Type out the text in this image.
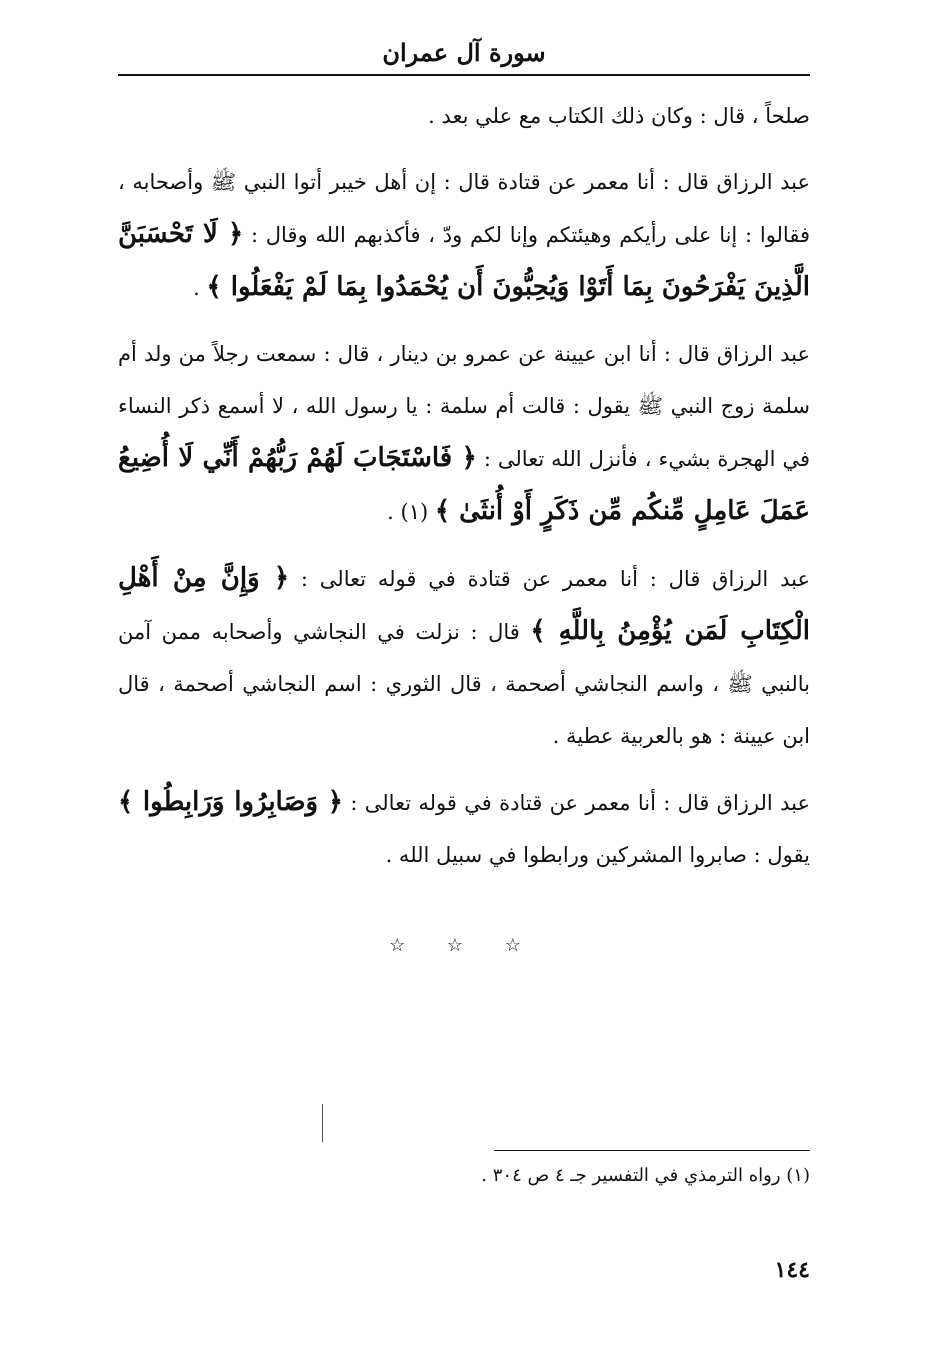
سورة آل عمران

صلحاً ، قال : وكان ذلك الكتاب مع علي بعد .

عبد الرزاق قال : أنا معمر عن قتادة قال : إن أهل خيبر أتوا النبي ﷺ وأصحابه ، فقالوا : إنا على رأيكم وهيئتكم وإنا لكم ودّ ، فأكذبهم الله وقال : ﴿ لَا تَحْسَبَنَّ الَّذِينَ يَفْرَحُونَ بِمَا أَتَوْا وَيُحِبُّونَ أَن يُحْمَدُوا بِمَا لَمْ يَفْعَلُوا ﴾ .

عبد الرزاق قال : أنا ابن عيينة عن عمرو بن دينار ، قال : سمعت رجلاً من ولد أم سلمة زوج النبي ﷺ يقول : قالت أم سلمة : يا رسول الله ، لا أسمع ذكر النساء في الهجرة بشيء ، فأنزل الله تعالى : ﴿ فَاسْتَجَابَ لَهُمْ رَبُّهُمْ أَنِّي لَا أُضِيعُ عَمَلَ عَامِلٍ مِّنكُم مِّن ذَكَرٍ أَوْ أُنثَىٰ ﴾ (١) .

عبد الرزاق قال : أنا معمر عن قتادة في قوله تعالى : ﴿ وَإِنَّ مِنْ أَهْلِ الْكِتَابِ لَمَن يُؤْمِنُ بِاللَّهِ ﴾ قال : نزلت في النجاشي وأصحابه ممن آمن بالنبي ﷺ ، واسم النجاشي أصحمة ، قال الثوري : اسم النجاشي أصحمة ، قال ابن عيينة : هو بالعربية عطية .

عبد الرزاق قال : أنا معمر عن قتادة في قوله تعالى : ﴿ وَصَابِرُوا وَرَابِطُوا ﴾ يقول : صابروا المشركين ورابطوا في سبيل الله .

☆ ☆ ☆
(١) رواه الترمذي في التفسير جـ ٤ ص ٣٠٤ .
١٤٤
